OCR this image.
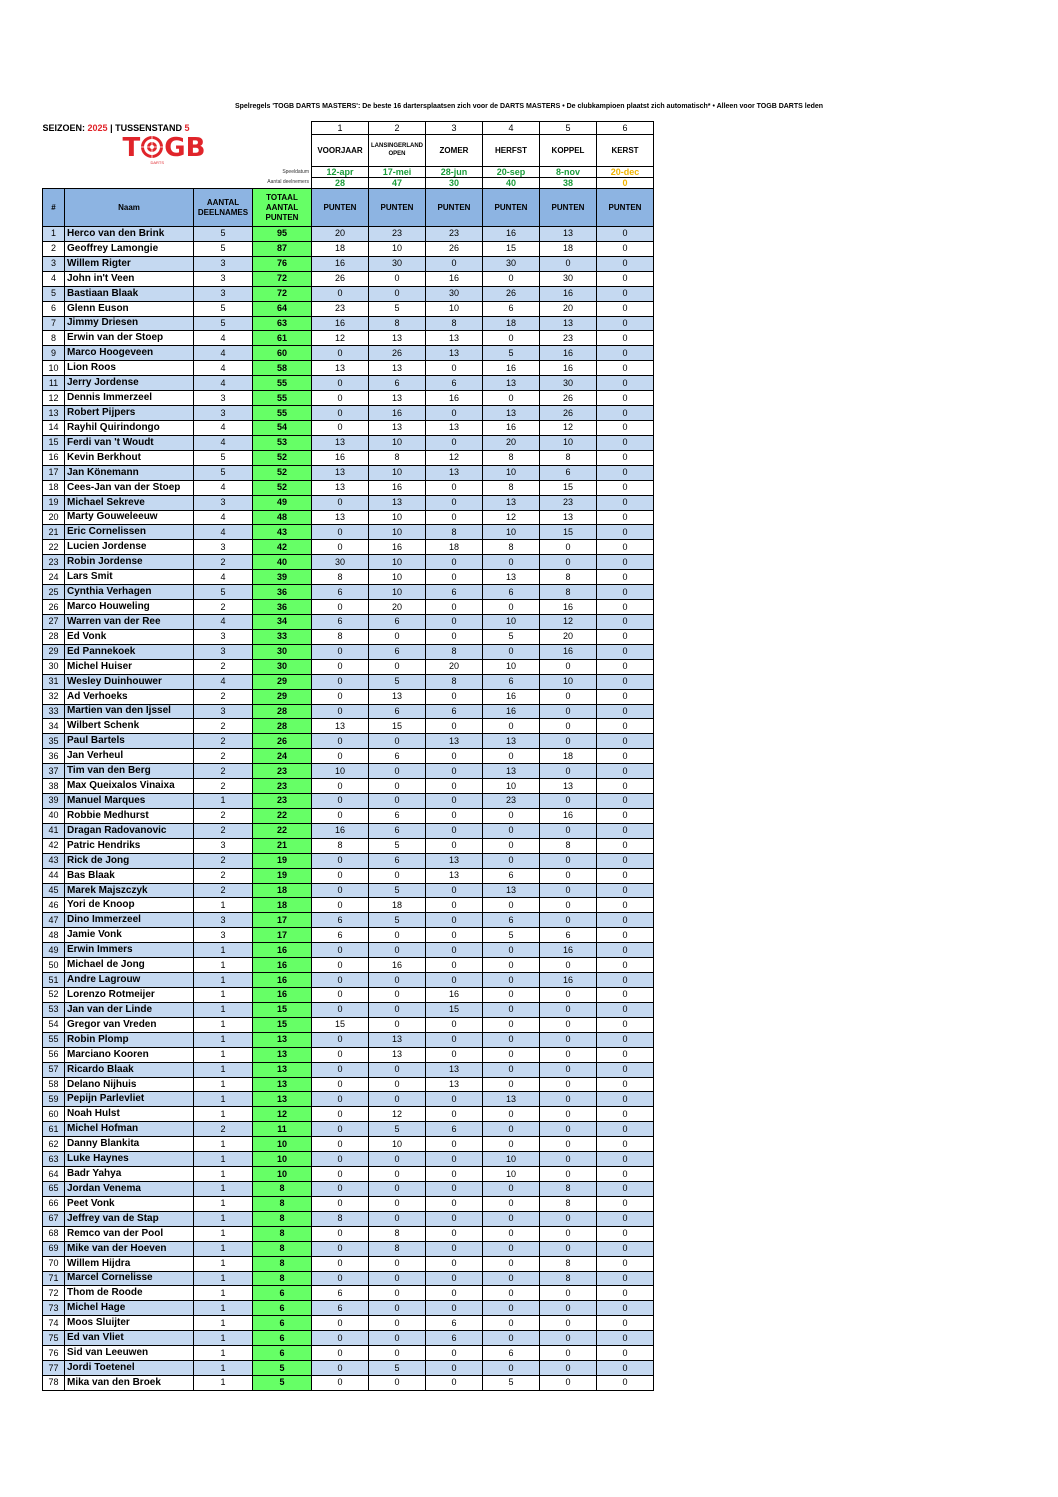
Spelregels 'TOGB DARTS MASTERS': De beste 16 dartersplaatsen zich voor de DARTS MASTERS • De clubkampioen plaatst zich automatisch* • Alleen voor TOGB DARTS leden
SEIZOEN: 2025 | TUSSENSTAND 5				1	2	3	4	5	6

T GB
DARTS				VOORJAAR	LANSINGERLAND OPEN	ZOMER	HERFST	KOPPEL	KERST
Speeldatum				12-apr	17-mei	28-jun	20-sep	8-nov	20-dec
Aantal deelnemers				28	47	30	40	38	0
#	Naam	AANTAL DEELNAMES	TOTAAL AANTAL PUNTEN	PUNTEN	PUNTEN	PUNTEN	PUNTEN	PUNTEN	PUNTEN
1	Herco van den Brink	5	95	20	23	23	16	13	0
2	Geoffrey Lamongie	5	87	18	10	26	15	18	0
3	Willem Rigter	3	76	16	30	0	30	0	0
4	John in't Veen	3	72	26	0	16	0	30	0
5	Bastiaan Blaak	3	72	0	0	30	26	16	0
6	Glenn Euson	5	64	23	5	10	6	20	0
7	Jimmy Driesen	5	63	16	8	8	18	13	0
8	Erwin van der Stoep	4	61	12	13	13	0	23	0
9	Marco Hoogeveen	4	60	0	26	13	5	16	0
10	Lion Roos	4	58	13	13	0	16	16	0
11	Jerry Jordense	4	55	0	6	6	13	30	0
12	Dennis Immerzeel	3	55	0	13	16	0	26	0
13	Robert Pijpers	3	55	0	16	0	13	26	0
14	Rayhil Quirindongo	4	54	0	13	13	16	12	0
15	Ferdi van 't Woudt	4	53	13	10	0	20	10	0
16	Kevin Berkhout	5	52	16	8	12	8	8	0
17	Jan Könemann	5	52	13	10	13	10	6	0
18	Cees-Jan van der Stoep	4	52	13	16	0	8	15	0
19	Michael Sekreve	3	49	0	13	0	13	23	0
20	Marty Gouweleeuw	4	48	13	10	0	12	13	0
21	Eric Cornelissen	4	43	0	10	8	10	15	0
22	Lucien Jordense	3	42	0	16	18	8	0	0
23	Robin Jordense	2	40	30	10	0	0	0	0
24	Lars Smit	4	39	8	10	0	13	8	0
25	Cynthia Verhagen	5	36	6	10	6	6	8	0
26	Marco Houweling	2	36	0	20	0	0	16	0
27	Warren van der Ree	4	34	6	6	0	10	12	0
28	Ed Vonk	3	33	8	0	0	5	20	0
29	Ed Pannekoek	3	30	0	6	8	0	16	0
30	Michel Huiser	2	30	0	0	20	10	0	0
31	Wesley Duinhouwer	4	29	0	5	8	6	10	0
32	Ad Verhoeks	2	29	0	13	0	16	0	0
33	Martien van den Ijssel	3	28	0	6	6	16	0	0
34	Wilbert Schenk	2	28	13	15	0	0	0	0
35	Paul Bartels	2	26	0	0	13	13	0	0
36	Jan Verheul	2	24	0	6	0	0	18	0
37	Tim van den Berg	2	23	10	0	0	13	0	0
38	Max Queixalos Vinaixa	2	23	0	0	0	10	13	0
39	Manuel Marques	1	23	0	0	0	23	0	0
40	Robbie Medhurst	2	22	0	6	0	0	16	0
41	Dragan Radovanovic	2	22	16	6	0	0	0	0
42	Patric Hendriks	3	21	8	5	0	0	8	0
43	Rick de Jong	2	19	0	6	13	0	0	0
44	Bas Blaak	2	19	0	0	13	6	0	0
45	Marek Majszczyk	2	18	0	5	0	13	0	0
46	Yori de Knoop	1	18	0	18	0	0	0	0
47	Dino Immerzeel	3	17	6	5	0	6	0	0
48	Jamie Vonk	3	17	6	0	0	5	6	0
49	Erwin Immers	1	16	0	0	0	0	16	0
50	Michael de Jong	1	16	0	16	0	0	0	0
51	Andre Lagrouw	1	16	0	0	0	0	16	0
52	Lorenzo Rotmeijer	1	16	0	0	16	0	0	0
53	Jan van der Linde	1	15	0	0	15	0	0	0
54	Gregor van Vreden	1	15	15	0	0	0	0	0
55	Robin Plomp	1	13	0	13	0	0	0	0
56	Marciano Kooren	1	13	0	13	0	0	0	0
57	Ricardo Blaak	1	13	0	0	13	0	0	0
58	Delano Nijhuis	1	13	0	0	13	0	0	0
59	Pepijn Parlevliet	1	13	0	0	0	13	0	0
60	Noah Hulst	1	12	0	12	0	0	0	0
61	Michel Hofman	2	11	0	5	6	0	0	0
62	Danny Blankita	1	10	0	10	0	0	0	0
63	Luke Haynes	1	10	0	0	0	10	0	0
64	Badr Yahya	1	10	0	0	0	10	0	0
65	Jordan Venema	1	8	0	0	0	0	8	0
66	Peet Vonk	1	8	0	0	0	0	8	0
67	Jeffrey van de Stap	1	8	8	0	0	0	0	0
68	Remco van der Pool	1	8	0	8	0	0	0	0
69	Mike van der Hoeven	1	8	0	8	0	0	0	0
70	Willem Hijdra	1	8	0	0	0	0	8	0
71	Marcel Cornelisse	1	8	0	0	0	0	8	0
72	Thom de Roode	1	6	6	0	0	0	0	0
73	Michel Hage	1	6	6	0	0	0	0	0
74	Moos Sluijter	1	6	0	0	6	0	0	0
75	Ed van Vliet	1	6	0	0	6	0	0	0
76	Sid van Leeuwen	1	6	0	0	0	6	0	0
77	Jordi Toetenel	1	5	0	5	0	0	0	0
78	Mika van den Broek	1	5	0	0	0	5	0	0
